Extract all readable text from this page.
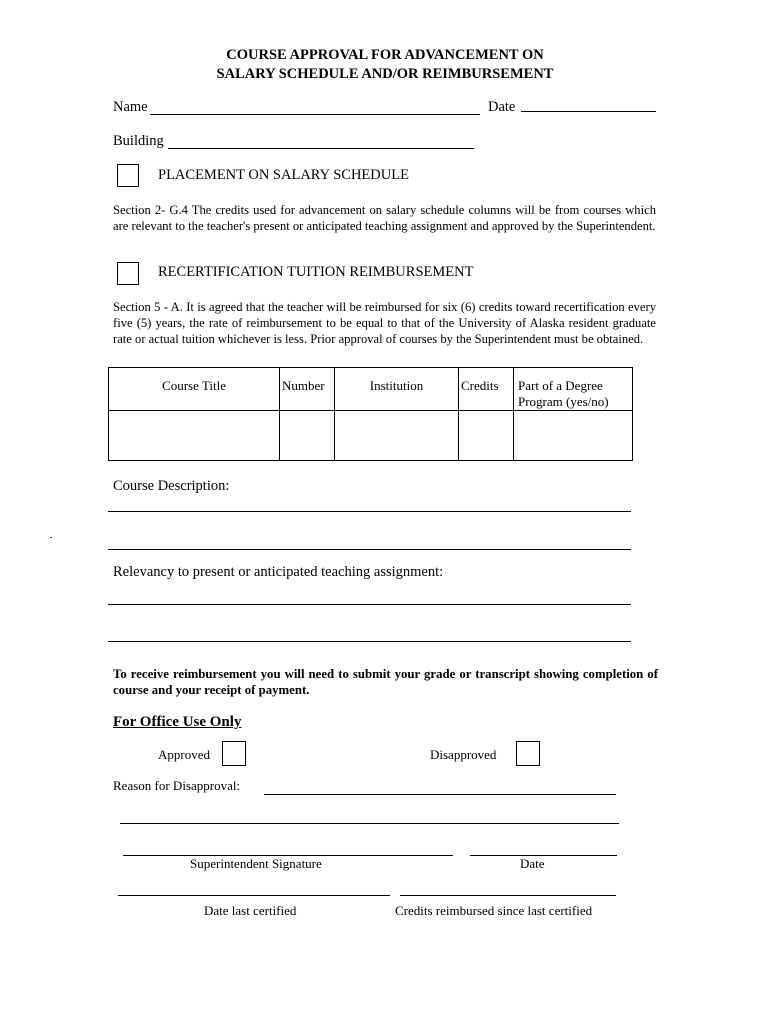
COURSE APPROVAL FOR ADVANCEMENT ON
SALARY SCHEDULE AND/OR REIMBURSEMENT
Name	Date
Building
PLACEMENT ON SALARY SCHEDULE
Section 2- G.4 The credits used for advancement on salary schedule columns will be from courses which are relevant to the teacher's present or anticipated teaching assignment and approved by the Superintendent.
RECERTIFICATION TUITION REIMBURSEMENT
Section 5 - A. It is agreed that the teacher will be reimbursed for six (6) credits toward recertification every five (5) years, the rate of reimbursement to be equal to that of the University of Alaska resident graduate rate or actual tuition whichever is less. Prior approval of courses by the Superintendent must be obtained.
Course Title	Number	Institution	Credits	Part of a Degree Program (yes/no)

Course Description:
Relevancy to present or anticipated teaching assignment:
To receive reimbursement you will need to submit your grade or transcript showing completion of course and your receipt of payment.
For Office Use Only
Approved	Disapproved
Reason for Disapproval:
Superintendent Signature	Date
Date last certified	Credits reimbursed since last certified
